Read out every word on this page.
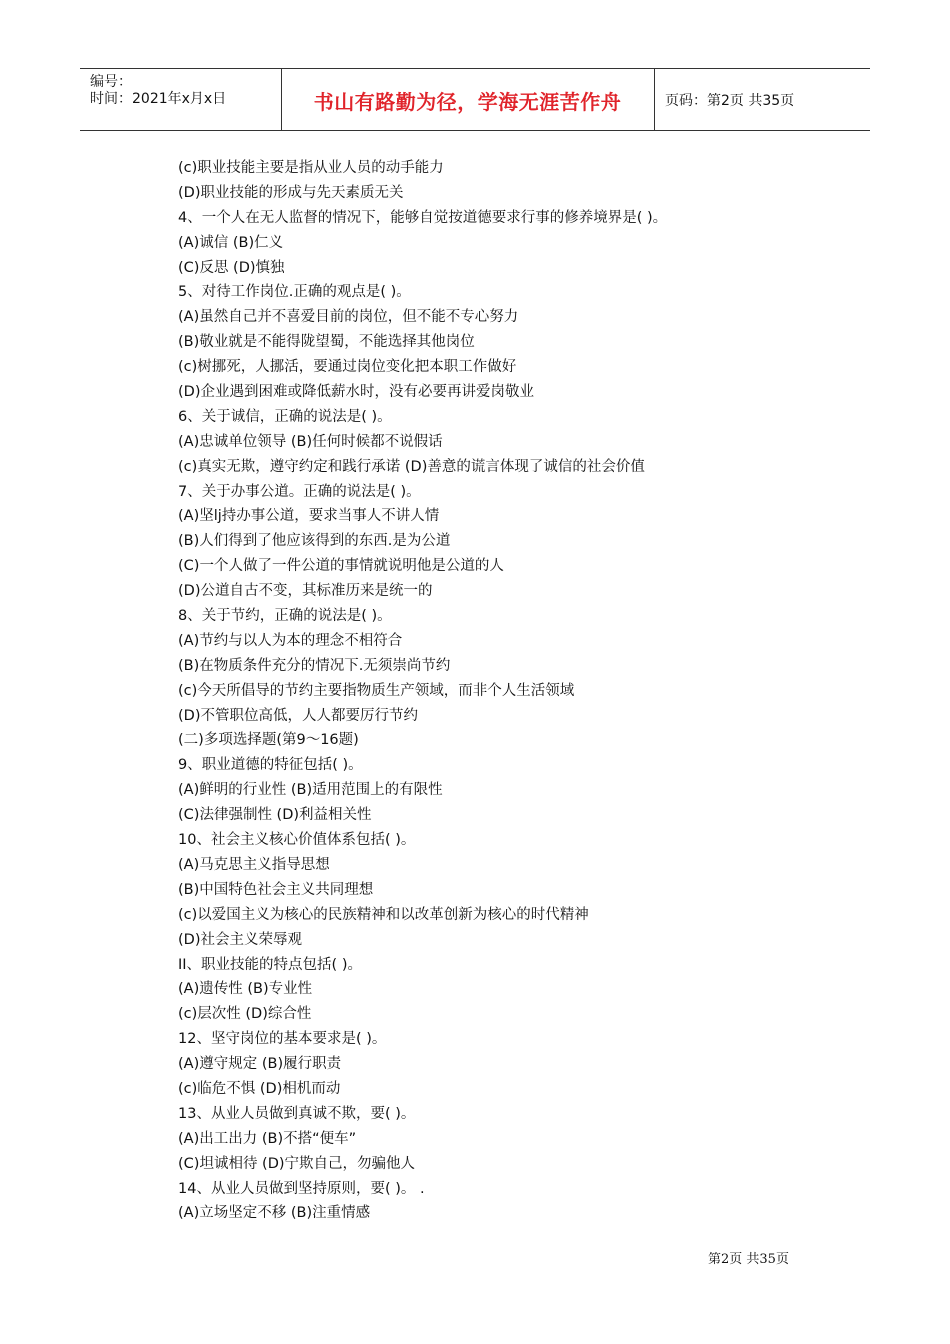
编号：
时间：2021年x月x日	书山有路勤为径，学海无涯苦作舟	页码：第2页 共35页
(c)职业技能主要是指从业人员的动手能力
(D)职业技能的形成与先天素质无关
4、一个人在无人监督的情况下，能够自觉按道德要求行事的修养境界是( )。
(A)诚信 (B)仁义
(C)反思 (D)慎独
5、对待工作岗位.正确的观点是( )。
(A)虽然自己并不喜爱目前的岗位，但不能不专心努力
(B)敬业就是不能得陇望蜀，不能选择其他岗位
(c)树挪死，人挪活，要通过岗位变化把本职工作做好
(D)企业遇到困难或降低薪水时，没有必要再讲爱岗敬业
6、关于诚信，正确的说法是( )。
(A)忠诚单位领导 (B)任何时候都不说假话
(c)真实无欺，遵守约定和践行承诺 (D)善意的谎言体现了诚信的社会价值
7、关于办事公道。正确的说法是( )。
(A)坚lj持办事公道，要求当事人不讲人情
(B)人们得到了他应该得到的东西.是为公道
(C)一个人做了一件公道的事情就说明他是公道的人
(D)公道自古不变，其标准历来是统一的
8、关于节约，正确的说法是( )。
(A)节约与以人为本的理念不相符合
(B)在物质条件充分的情况下.无须崇尚节约
(c)今天所倡导的节约主要指物质生产领域，而非个人生活领域
(D)不管职位高低，人人都要厉行节约
(二)多项选择题(第9～16题)
9、职业道德的特征包括( )。
(A)鲜明的行业性 (B)适用范围上的有限性
(C)法律强制性 (D)利益相关性
10、社会主义核心价值体系包括( )。
(A)马克思主义指导思想
(B)中国特色社会主义共同理想
(c)以爱国主义为核心的民族精神和以改革创新为核心的时代精神
(D)社会主义荣辱观
II、职业技能的特点包括( )。
(A)遗传性 (B)专业性
(c)层次性 (D)综合性
12、坚守岗位的基本要求是( )。
(A)遵守规定 (B)履行职责
(c)临危不惧 (D)相机而动
13、从业人员做到真诚不欺，要( )。
(A)出工出力 (B)不搭“便车”
(C)坦诚相待 (D)宁欺自己，勿骗他人
14、从业人员做到坚持原则，要( )。 .
(A)立场坚定不移 (B)注重情感
第2页 共35页
